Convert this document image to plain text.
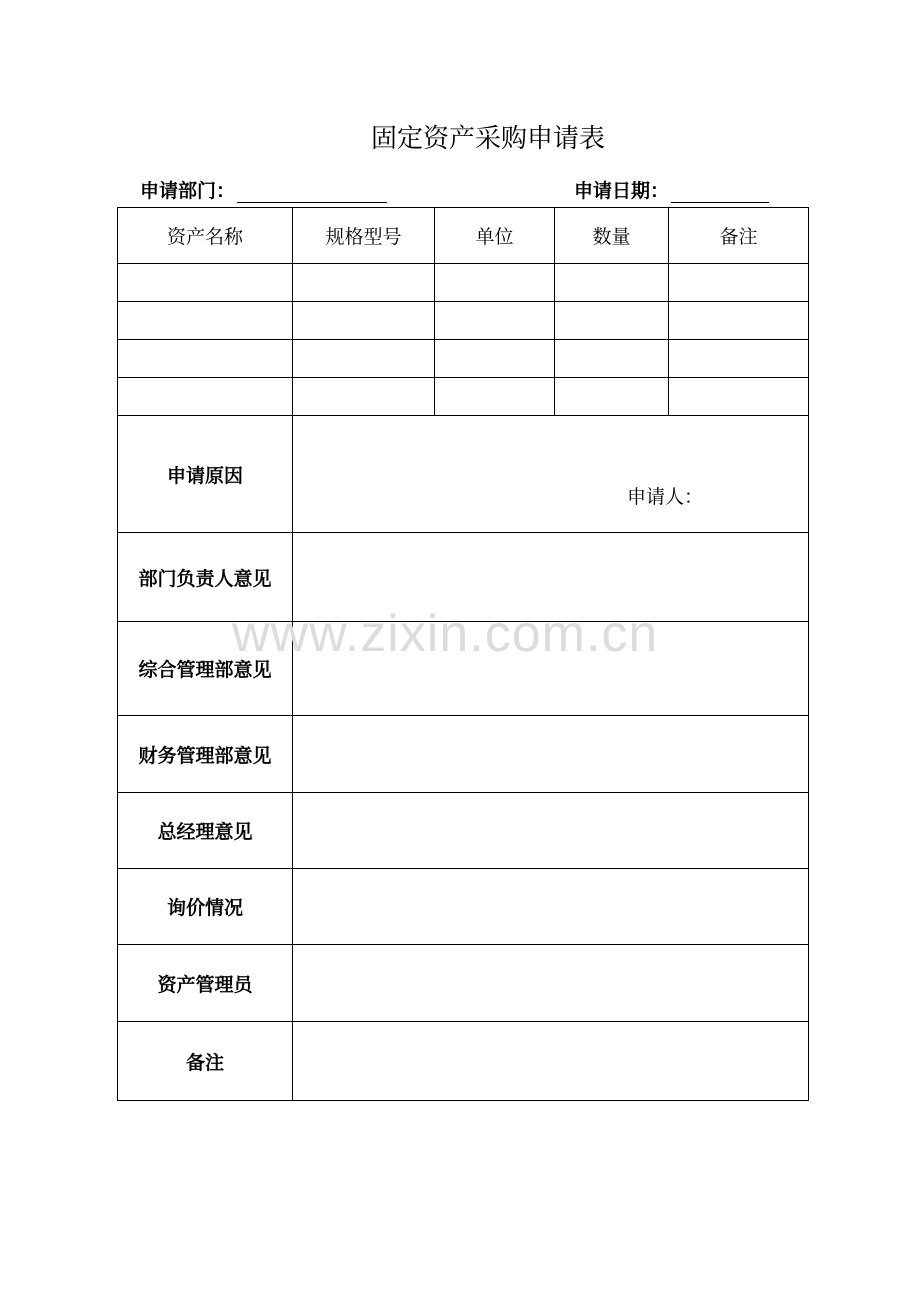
固定资产采购申请表
申请部门：	申请日期：
资产名称	规格型号	单位	数量	备注

申请原因	申请人：			

部门负责人意见				
综合管理部意见				
财务管理部意见				
总经理意见				
询价情况				
资产管理员				
备注				
www.zixin.com.cn
